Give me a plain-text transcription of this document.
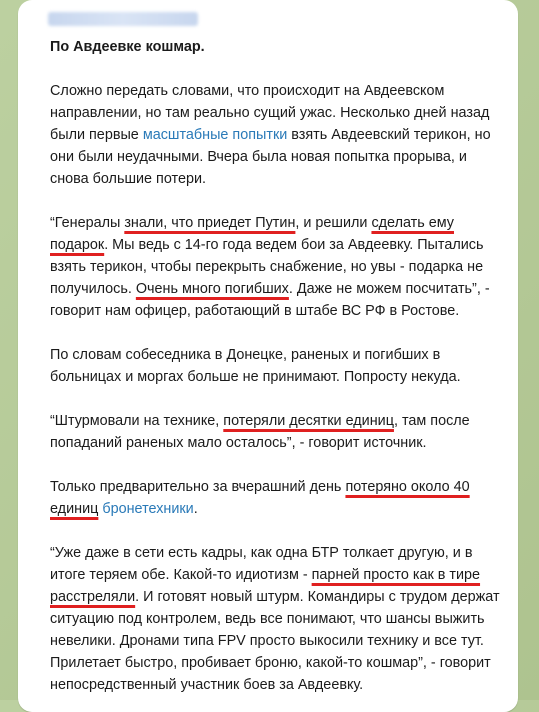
По Авдеевке кошмар.

Сложно передать словами, что происходит на Авдеевском направлении, но там реально сущий ужас. Несколько дней назад были первые масштабные попытки взять Авдеевский терикон, но они были неудачными. Вчера была новая попытка прорыва, и снова большие потери.

“Генералы знали, что приедет Путин, и решили сделать ему подарок. Мы ведь с 14-го года ведем бои за Авдеевку. Пытались взять терикон, чтобы перекрыть снабжение, но увы - подарка не получилось. Очень много погибших. Даже не можем посчитать”, - говорит нам офицер, работающий в штабе ВС РФ в Ростове.

По словам собеседника в Донецке, раненых и погибших в больницах и моргах больше не принимают. Попросту некуда.

“Штурмовали на технике, потеряли десятки единиц, там после попаданий раненых мало осталось”, - говорит источник.

Только предварительно за вчерашний день потеряно около 40 единиц бронетехники.

“Уже даже в сети есть кадры, как одна БТР толкает другую, и в итоге теряем обе. Какой-то идиотизм - парней просто как в тире расстреляли. И готовят новый штурм. Командиры с трудом держат ситуацию под контролем, ведь все понимают, что шансы выжить невелики. Дронами типа FPV просто выкосили технику и все тут. Прилетает быстро, пробивает броню, какой-то кошмар”, - говорит непосредственный участник боев за Авдеевку.
